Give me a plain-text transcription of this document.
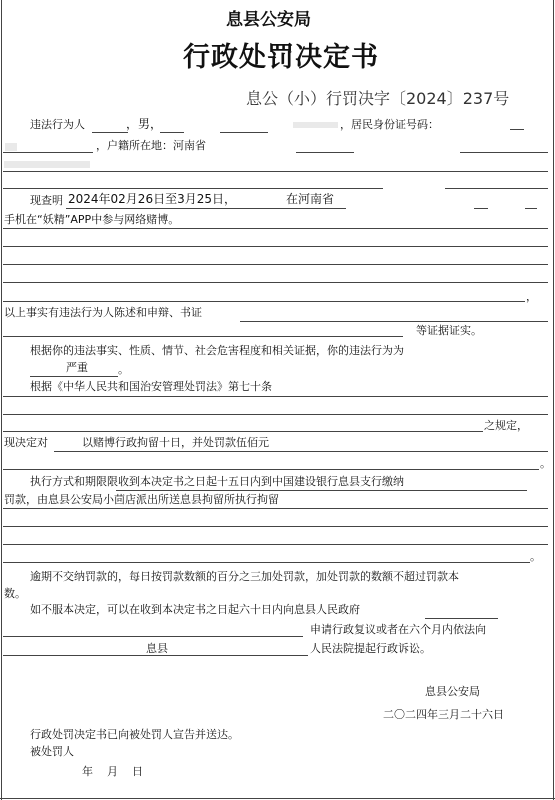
息县公安局
行政处罚决定书
息公（小）行罚决字〔2024〕237号
违法行为人	，男，	，居民身份证号码：
，户籍所在地：河南省
现查明 2024年02月26日至3月25日，	在河南省
手机在“妖精”APP中参与网络赌博。
，
以上事实有违法行为人陈述和申辩、书证
等证据证实。
根据你的违法事实、性质、情节、社会危害程度和相关证据，你的违法行为为
严重	。
根据《中华人民共和国治安管理处罚法》第七十条
之规定，
现决定对	以赌博行政拘留十日，并处罚款伍佰元
。
执行方式和期限限收到本决定书之日起十五日内到中国建设银行息县支行缴纳
罚款，由息县公安局小茴店派出所送息县拘留所执行拘留
。
逾期不交纳罚款的，每日按罚款数额的百分之三加处罚款，加处罚款的数额不超过罚款本
数。
如不服本决定，可以在收到本决定书之日起六十日内向息县人民政府
申请行政复议或者在六个月内依法向
息县	人民法院提起行政诉讼。
息县公安局
二〇二四年三月二十六日
行政处罚决定书已向被处罚人宣告并送达。
被处罚人
年    月    日
